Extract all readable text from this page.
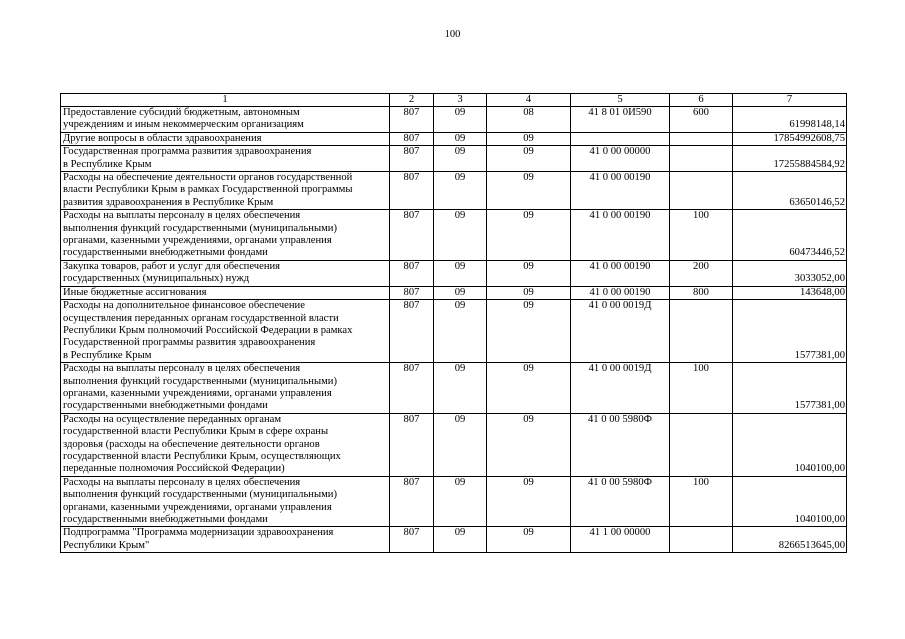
100
1	2	3	4	5	6	7

Предоставление субсидий бюджетным, автономным
учреждениям и иным некоммерческим организациям	807	09	08	41 8 01 0И590	600	61998148,14

Другие вопросы в области здравоохранения	807	09	09			17854992608,75

Государственная программа развития здравоохранения
в Республике Крым	807	09	09	41 0 00 00000		17255884584,92

Расходы на обеспечение деятельности органов государственной
власти Республики Крым в рамках Государственной программы
развития здравоохранения в Республике Крым	807	09	09	41 0 00 00190		63650146,52

Расходы на выплаты персоналу в целях обеспечения
выполнения функций государственными (муниципальными)
органами, казенными учреждениями, органами управления
государственными внебюджетными фондами	807	09	09	41 0 00 00190	100	60473446,52

Закупка товаров, работ и услуг для обеспечения
государственных (муниципальных) нужд	807	09	09	41 0 00 00190	200	3033052,00

Иные бюджетные ассигнования	807	09	09	41 0 00 00190	800	143648,00

Расходы на дополнительное финансовое обеспечение
осуществления переданных органам государственной власти
Республики Крым полномочий Российской Федерации в рамках
Государственной программы развития здравоохранения
в Республике Крым	807	09	09	41 0 00 0019Д		1577381,00

Расходы на выплаты персоналу в целях обеспечения
выполнения функций государственными (муниципальными)
органами, казенными учреждениями, органами управления
государственными внебюджетными фондами	807	09	09	41 0 00 0019Д	100	1577381,00

Расходы на осуществление переданных органам
государственной власти Республики Крым в сфере охраны
здоровья (расходы на обеспечение деятельности органов
государственной власти Республики Крым, осуществляющих
переданные полномочия Российской Федерации)	807	09	09	41 0 00 5980Ф		1040100,00

Расходы на выплаты персоналу в целях обеспечения
выполнения функций государственными (муниципальными)
органами, казенными учреждениями, органами управления
государственными внебюджетными фондами	807	09	09	41 0 00 5980Ф	100	1040100,00

Подпрограмма "Программа модернизации здравоохранения
Республики Крым"	807	09	09	41 1 00 00000		8266513645,00
